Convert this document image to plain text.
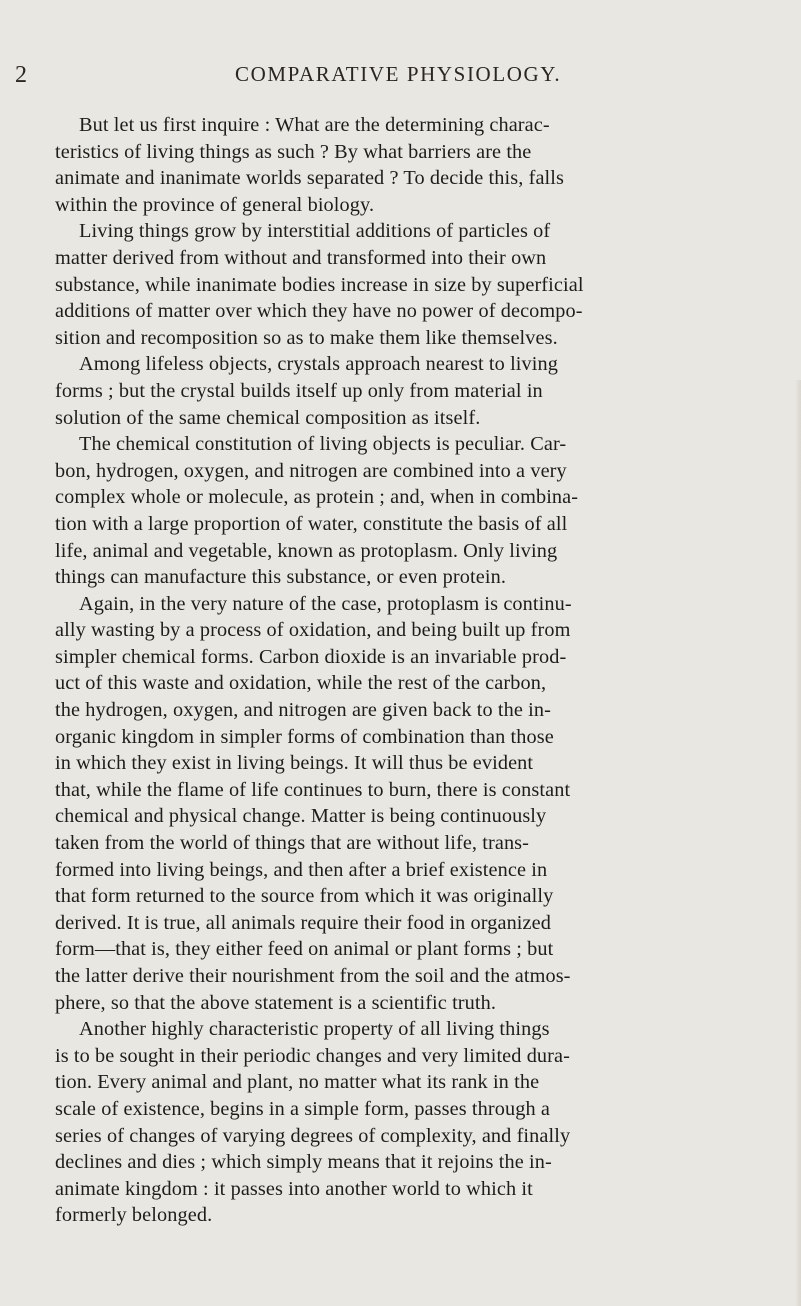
2	COMPARATIVE PHYSIOLOGY.
But let us first inquire : What are the determining charac-
teristics of living things as such ? By what barriers are the
animate and inanimate worlds separated ? To decide this, falls
within the province of general biology.
Living things grow by interstitial additions of particles of
matter derived from without and transformed into their own
substance, while inanimate bodies increase in size by superficial
additions of matter over which they have no power of decompo-
sition and recomposition so as to make them like themselves.
Among lifeless objects, crystals approach nearest to living
forms ; but the crystal builds itself up only from material in
solution of the same chemical composition as itself.
The chemical constitution of living objects is peculiar. Car-
bon, hydrogen, oxygen, and nitrogen are combined into a very
complex whole or molecule, as protein ; and, when in combina-
tion with a large proportion of water, constitute the basis of all
life, animal and vegetable, known as protoplasm. Only living
things can manufacture this substance, or even protein.
Again, in the very nature of the case, protoplasm is continu-
ally wasting by a process of oxidation, and being built up from
simpler chemical forms. Carbon dioxide is an invariable prod-
uct of this waste and oxidation, while the rest of the carbon,
the hydrogen, oxygen, and nitrogen are given back to the in-
organic kingdom in simpler forms of combination than those
in which they exist in living beings. It will thus be evident
that, while the flame of life continues to burn, there is constant
chemical and physical change. Matter is being continuously
taken from the world of things that are without life, trans-
formed into living beings, and then after a brief existence in
that form returned to the source from which it was originally
derived. It is true, all animals require their food in organized
form—that is, they either feed on animal or plant forms ; but
the latter derive their nourishment from the soil and the atmos-
phere, so that the above statement is a scientific truth.
Another highly characteristic property of all living things
is to be sought in their periodic changes and very limited dura-
tion. Every animal and plant, no matter what its rank in the
scale of existence, begins in a simple form, passes through a
series of changes of varying degrees of complexity, and finally
declines and dies ; which simply means that it rejoins the in-
animate kingdom : it passes into another world to which it
formerly belonged.
